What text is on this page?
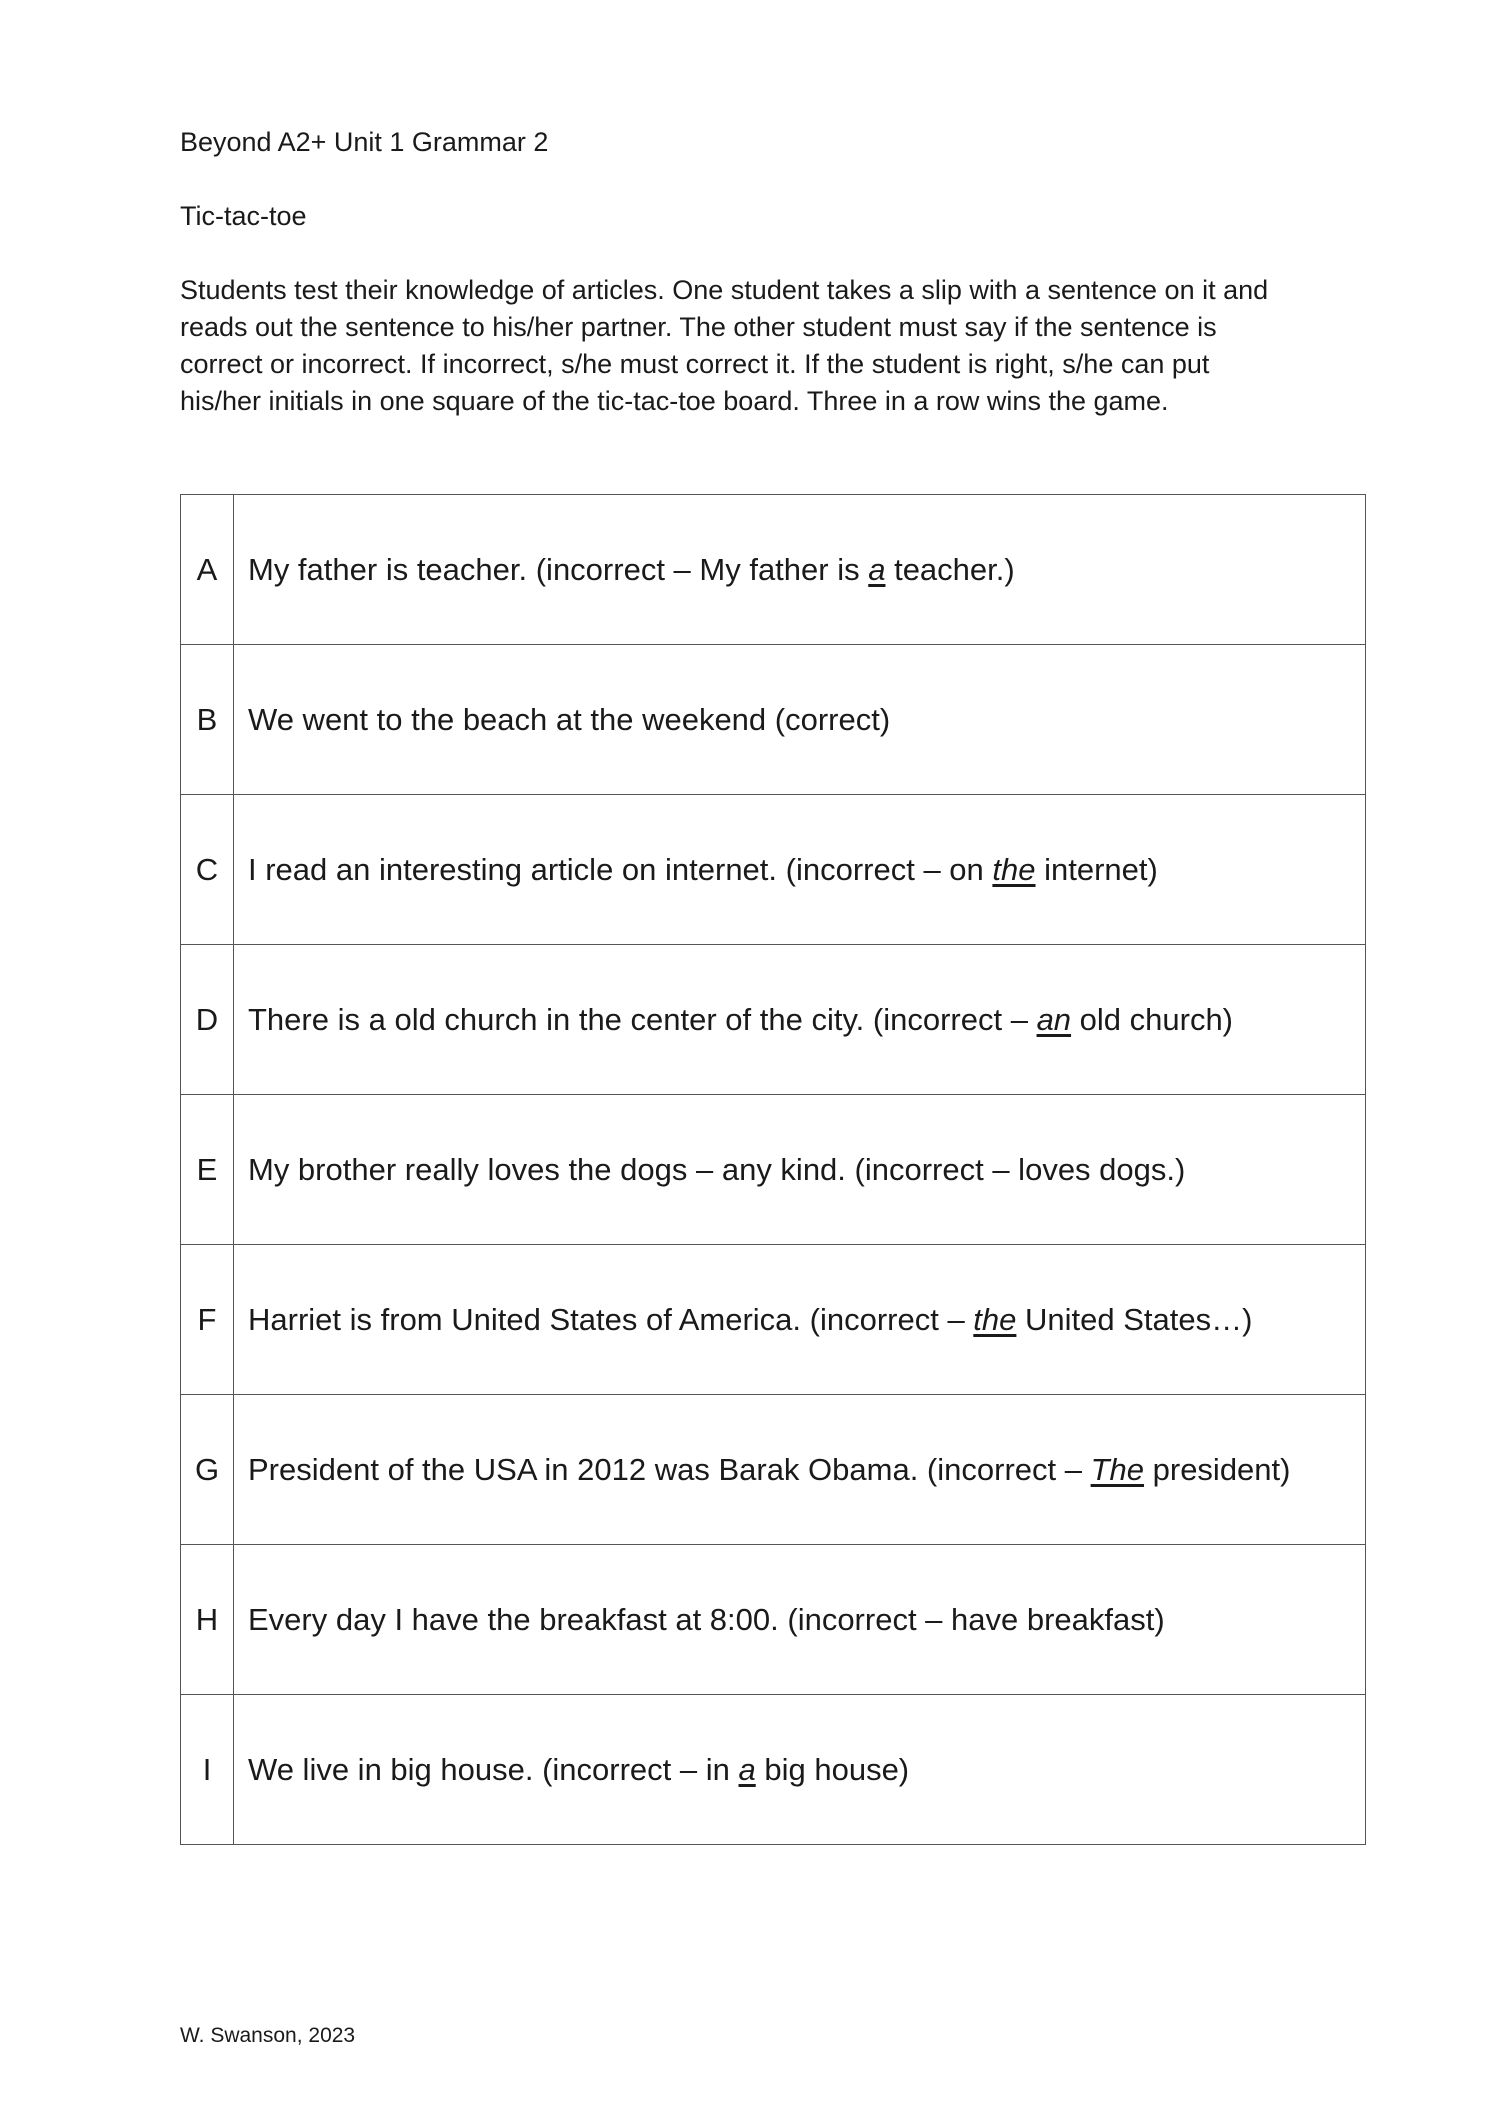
Beyond A2+ Unit 1 Grammar 2
Tic-tac-toe
Students test their knowledge of articles. One student takes a slip with a sentence on it and
reads out the sentence to his/her partner. The other student must say if the sentence is
correct or incorrect. If incorrect, s/he must correct it. If the student is right, s/he can put
his/her initials in one square of the tic-tac-toe board. Three in a row wins the game.
A	My father is teacher. (incorrect – My father is a teacher.)
B	We went to the beach at the weekend (correct)
C	I read an interesting article on internet. (incorrect – on the internet)
D	There is a old church in the center of the city. (incorrect – an old church)
E	My brother really loves the dogs – any kind. (incorrect – loves dogs.)
F	Harriet is from United States of America. (incorrect – the United States…)
G	President of the USA in 2012 was Barak Obama. (incorrect – The president)
H	Every day I have the breakfast at 8:00. (incorrect – have breakfast)
I	We live in big house. (incorrect – in a big house)
W. Swanson, 2023
